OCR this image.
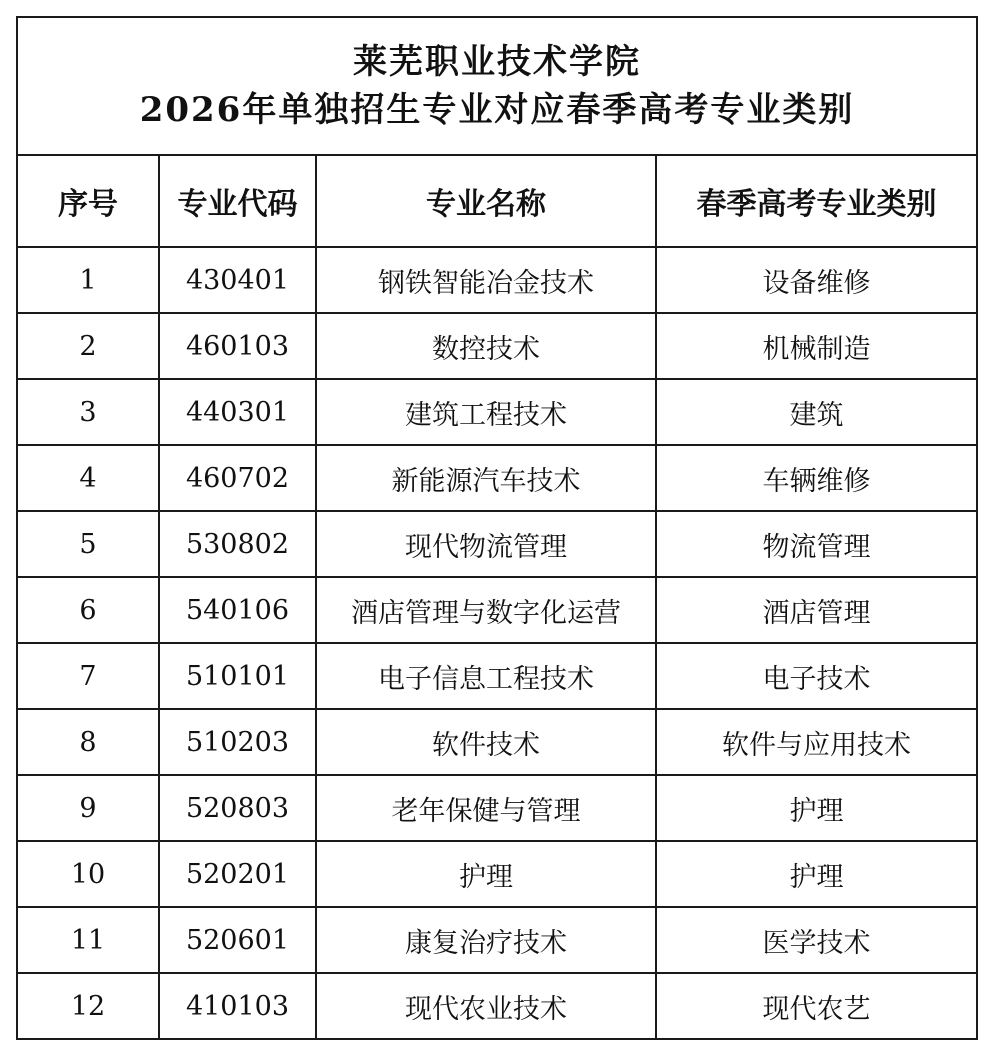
莱芜职业技术学院
2026年单独招生专业对应春季高考专业类别			

序号	专业代码	专业名称	春季高考专业类别
1	430401	钢铁智能冶金技术	设备维修
2	460103	数控技术	机械制造
3	440301	建筑工程技术	建筑
4	460702	新能源汽车技术	车辆维修
5	530802	现代物流管理	物流管理
6	540106	酒店管理与数字化运营	酒店管理
7	510101	电子信息工程技术	电子技术
8	510203	软件技术	软件与应用技术
9	520803	老年保健与管理	护理
10	520201	护理	护理
11	520601	康复治疗技术	医学技术
12	410103	现代农业技术	现代农艺
